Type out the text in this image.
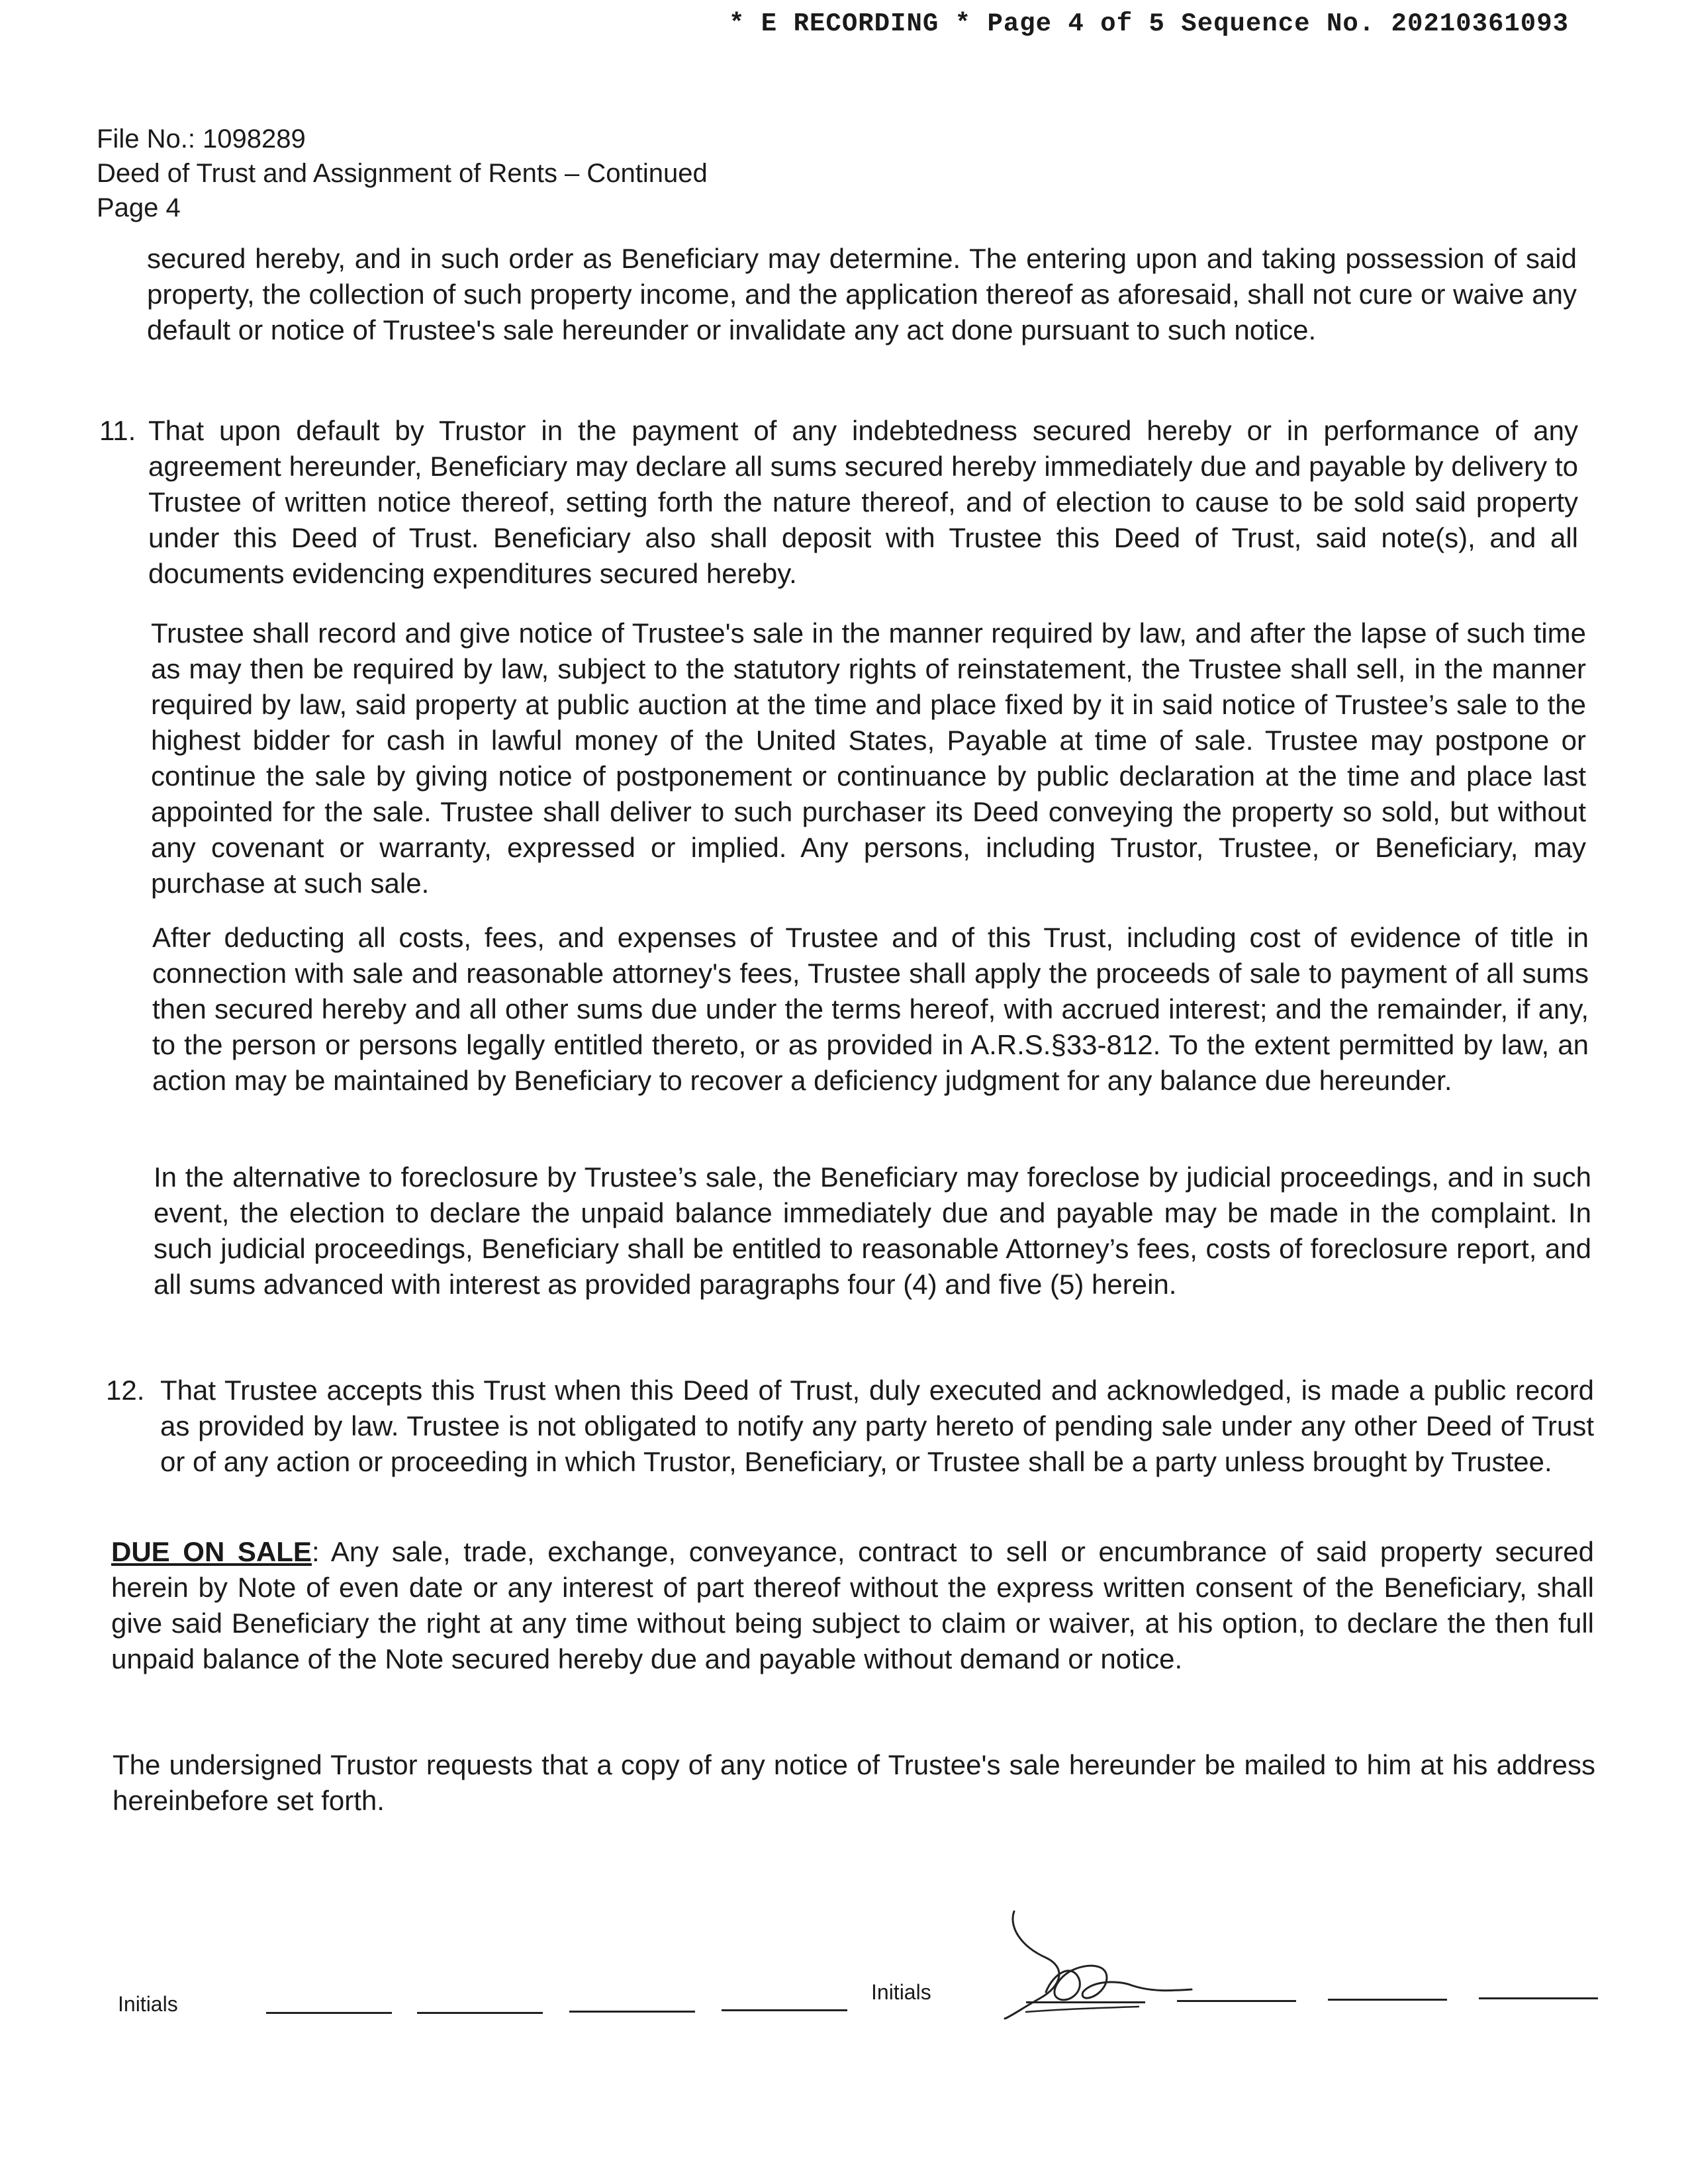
* E RECORDING * Page 4 of 5 Sequence No. 20210361093
File No.: 1098289
Deed of Trust and Assignment of Rents – Continued
Page 4
secured hereby, and in such order as Beneficiary may determine. The entering upon and taking possession of said property, the collection of such property income, and the application thereof as aforesaid, shall not cure or waive any default or notice of Trustee's sale hereunder or invalidate any act done pursuant to such notice.
11. That upon default by Trustor in the payment of any indebtedness secured hereby or in performance of any agreement hereunder, Beneficiary may declare all sums secured hereby immediately due and payable by delivery to Trustee of written notice thereof, setting forth the nature thereof, and of election to cause to be sold said property under this Deed of Trust. Beneficiary also shall deposit with Trustee this Deed of Trust, said note(s), and all documents evidencing expenditures secured hereby.
Trustee shall record and give notice of Trustee's sale in the manner required by law, and after the lapse of such time as may then be required by law, subject to the statutory rights of reinstatement, the Trustee shall sell, in the manner required by law, said property at public auction at the time and place fixed by it in said notice of Trustee’s sale to the highest bidder for cash in lawful money of the United States, Payable at time of sale. Trustee may postpone or continue the sale by giving notice of postponement or continuance by public declaration at the time and place last appointed for the sale. Trustee shall deliver to such purchaser its Deed conveying the property so sold, but without any covenant or warranty, expressed or implied. Any persons, including Trustor, Trustee, or Beneficiary, may purchase at such sale.
After deducting all costs, fees, and expenses of Trustee and of this Trust, including cost of evidence of title in connection with sale and reasonable attorney's fees, Trustee shall apply the proceeds of sale to payment of all sums then secured hereby and all other sums due under the terms hereof, with accrued interest; and the remainder, if any, to the person or persons legally entitled thereto, or as provided in A.R.S.§33-812. To the extent permitted by law, an action may be maintained by Beneficiary to recover a deficiency judgment for any balance due hereunder.
In the alternative to foreclosure by Trustee’s sale, the Beneficiary may foreclose by judicial proceedings, and in such event, the election to declare the unpaid balance immediately due and payable may be made in the complaint. In such judicial proceedings, Beneficiary shall be entitled to reasonable Attorney’s fees, costs of foreclosure report, and all sums advanced with interest as provided paragraphs four (4) and five (5) herein.
12. That Trustee accepts this Trust when this Deed of Trust, duly executed and acknowledged, is made a public record as provided by law. Trustee is not obligated to notify any party hereto of pending sale under any other Deed of Trust or of any action or proceeding in which Trustor, Beneficiary, or Trustee shall be a party unless brought by Trustee.
DUE ON SALE: Any sale, trade, exchange, conveyance, contract to sell or encumbrance of said property secured herein by Note of even date or any interest of part thereof without the express written consent of the Beneficiary, shall give said Beneficiary the right at any time without being subject to claim or waiver, at his option, to declare the then full unpaid balance of the Note secured hereby due and payable without demand or notice.
The undersigned Trustor requests that a copy of any notice of Trustee's sale hereunder be mailed to him at his address hereinbefore set forth.
Initials	Initials
